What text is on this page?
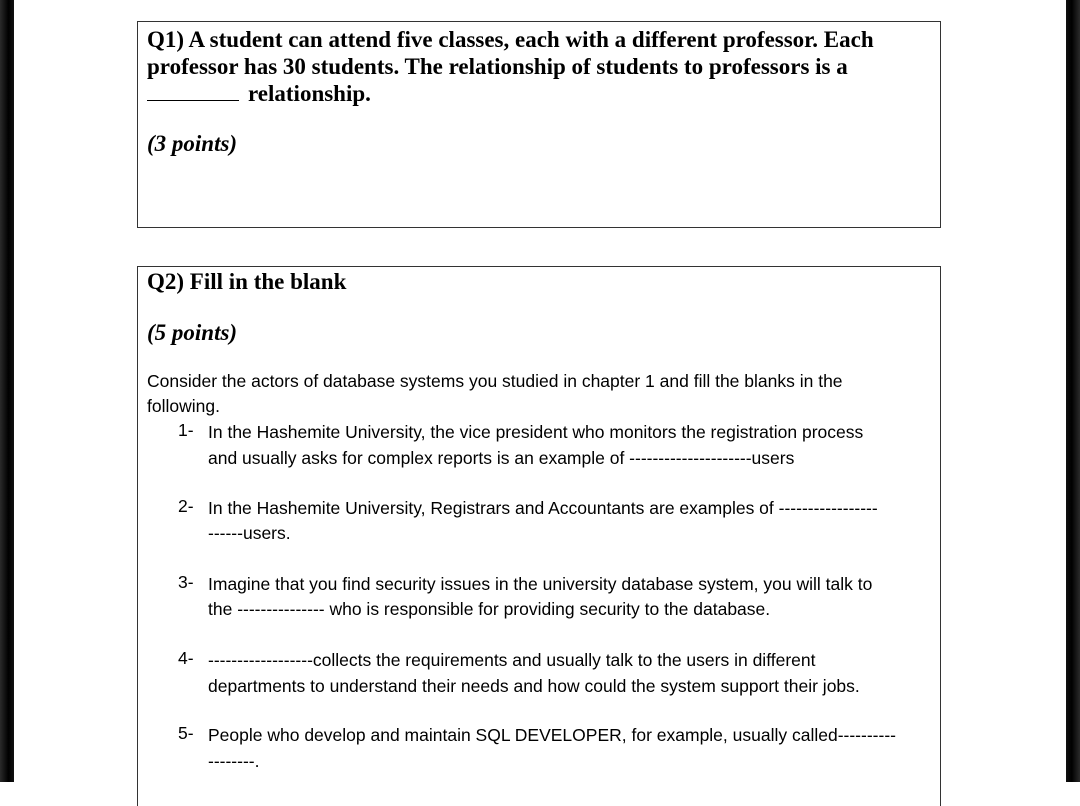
Q1) A student can attend five classes, each with a different professor. Each
professor has 30 students. The relationship of students to professors is a
relationship.
(3 points)
Q2) Fill in the blank
(5 points)
Consider the actors of database systems you studied in chapter 1 and fill the blanks in the
following.
1- In the Hashemite University, the vice president who monitors the registration process
and usually asks for complex reports is an example of ---------------------users
2- In the Hashemite University, Registrars and Accountants are examples of -----------------
------users.
3- Imagine that you find security issues in the university database system, you will talk to
the --------------- who is responsible for providing security to the database.
4- ------------------collects the requirements and usually talk to the users in different
departments to understand their needs and how could the system support their jobs.
5- People who develop and maintain SQL DEVELOPER, for example, usually called----------
--------.
